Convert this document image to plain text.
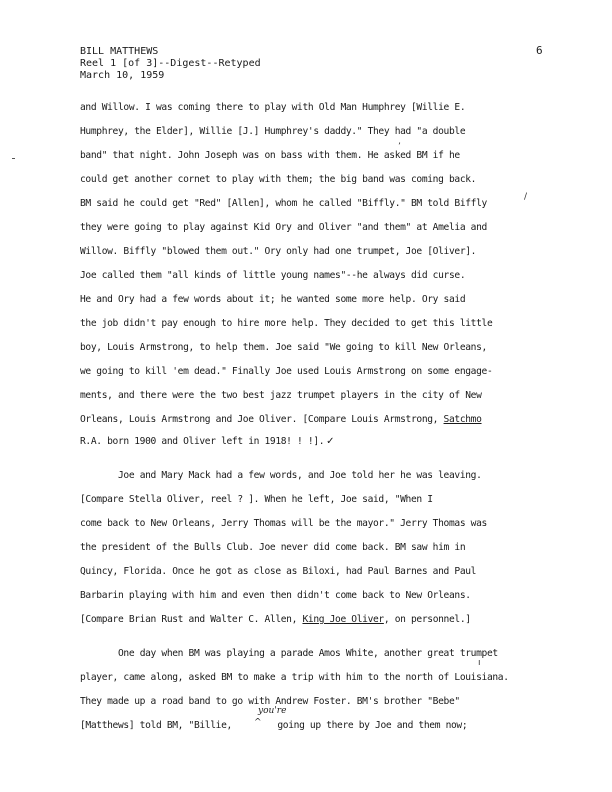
BILL MATTHEWS
Reel 1 [of 3]--Digest--Retyped
March 10, 1959
6
and Willow. I was coming there to play with Old Man Humphrey [Willie E.
Humphrey, the Elder], Willie [J.] Humphrey's daddy." They had "a double
band" that night. John Joseph was on bass with them. He asked BM if he
could get another cornet to play with them; the big band was coming back.
BM said he could get "Red" [Allen], whom he called "Biffly." BM told Biffly
they were going to play against Kid Ory and Oliver "and them" at Amelia and
Willow. Biffly "blowed them out." Ory only had one trumpet, Joe [Oliver].
Joe called them "all kinds of little young names"--he always did curse.
He and Ory had a few words about it; he wanted some more help. Ory said
the job didn't pay enough to hire more help. They decided to get this little
boy, Louis Armstrong, to help them. Joe said "We going to kill New Orleans,
we going to kill 'em dead." Finally Joe used Louis Armstrong on some engage-
ments, and there were the two best jazz trumpet players in the city of New
Orleans, Louis Armstrong and Joe Oliver. [Compare Louis Armstrong, Satchmo
R.A. born 1900 and Oliver left in 1918! ! !]. ✓
Joe and Mary Mack had a few words, and Joe told her he was leaving.
[Compare Stella Oliver, reel ? ]. When he left, Joe said, "When I
come back to New Orleans, Jerry Thomas will be the mayor." Jerry Thomas was
the president of the Bulls Club. Joe never did come back. BM saw him in
Quincy, Florida. Once he got as close as Biloxi, had Paul Barnes and Paul
Barbarin playing with him and even then didn't come back to New Orleans.
[Compare Brian Rust and Walter C. Allen, King Joe Oliver, on personnel.]
One day when BM was playing a parade Amos White, another great trumpet
player, came along, asked BM to make a trip with him to the north of Louisiana.
They made up a road band to go with Andrew Foster. BM's brother "Bebe"
[Matthews] told BM, "Billie,	going up there by Joe and them now;
you're
^
ʼ
/
ı
